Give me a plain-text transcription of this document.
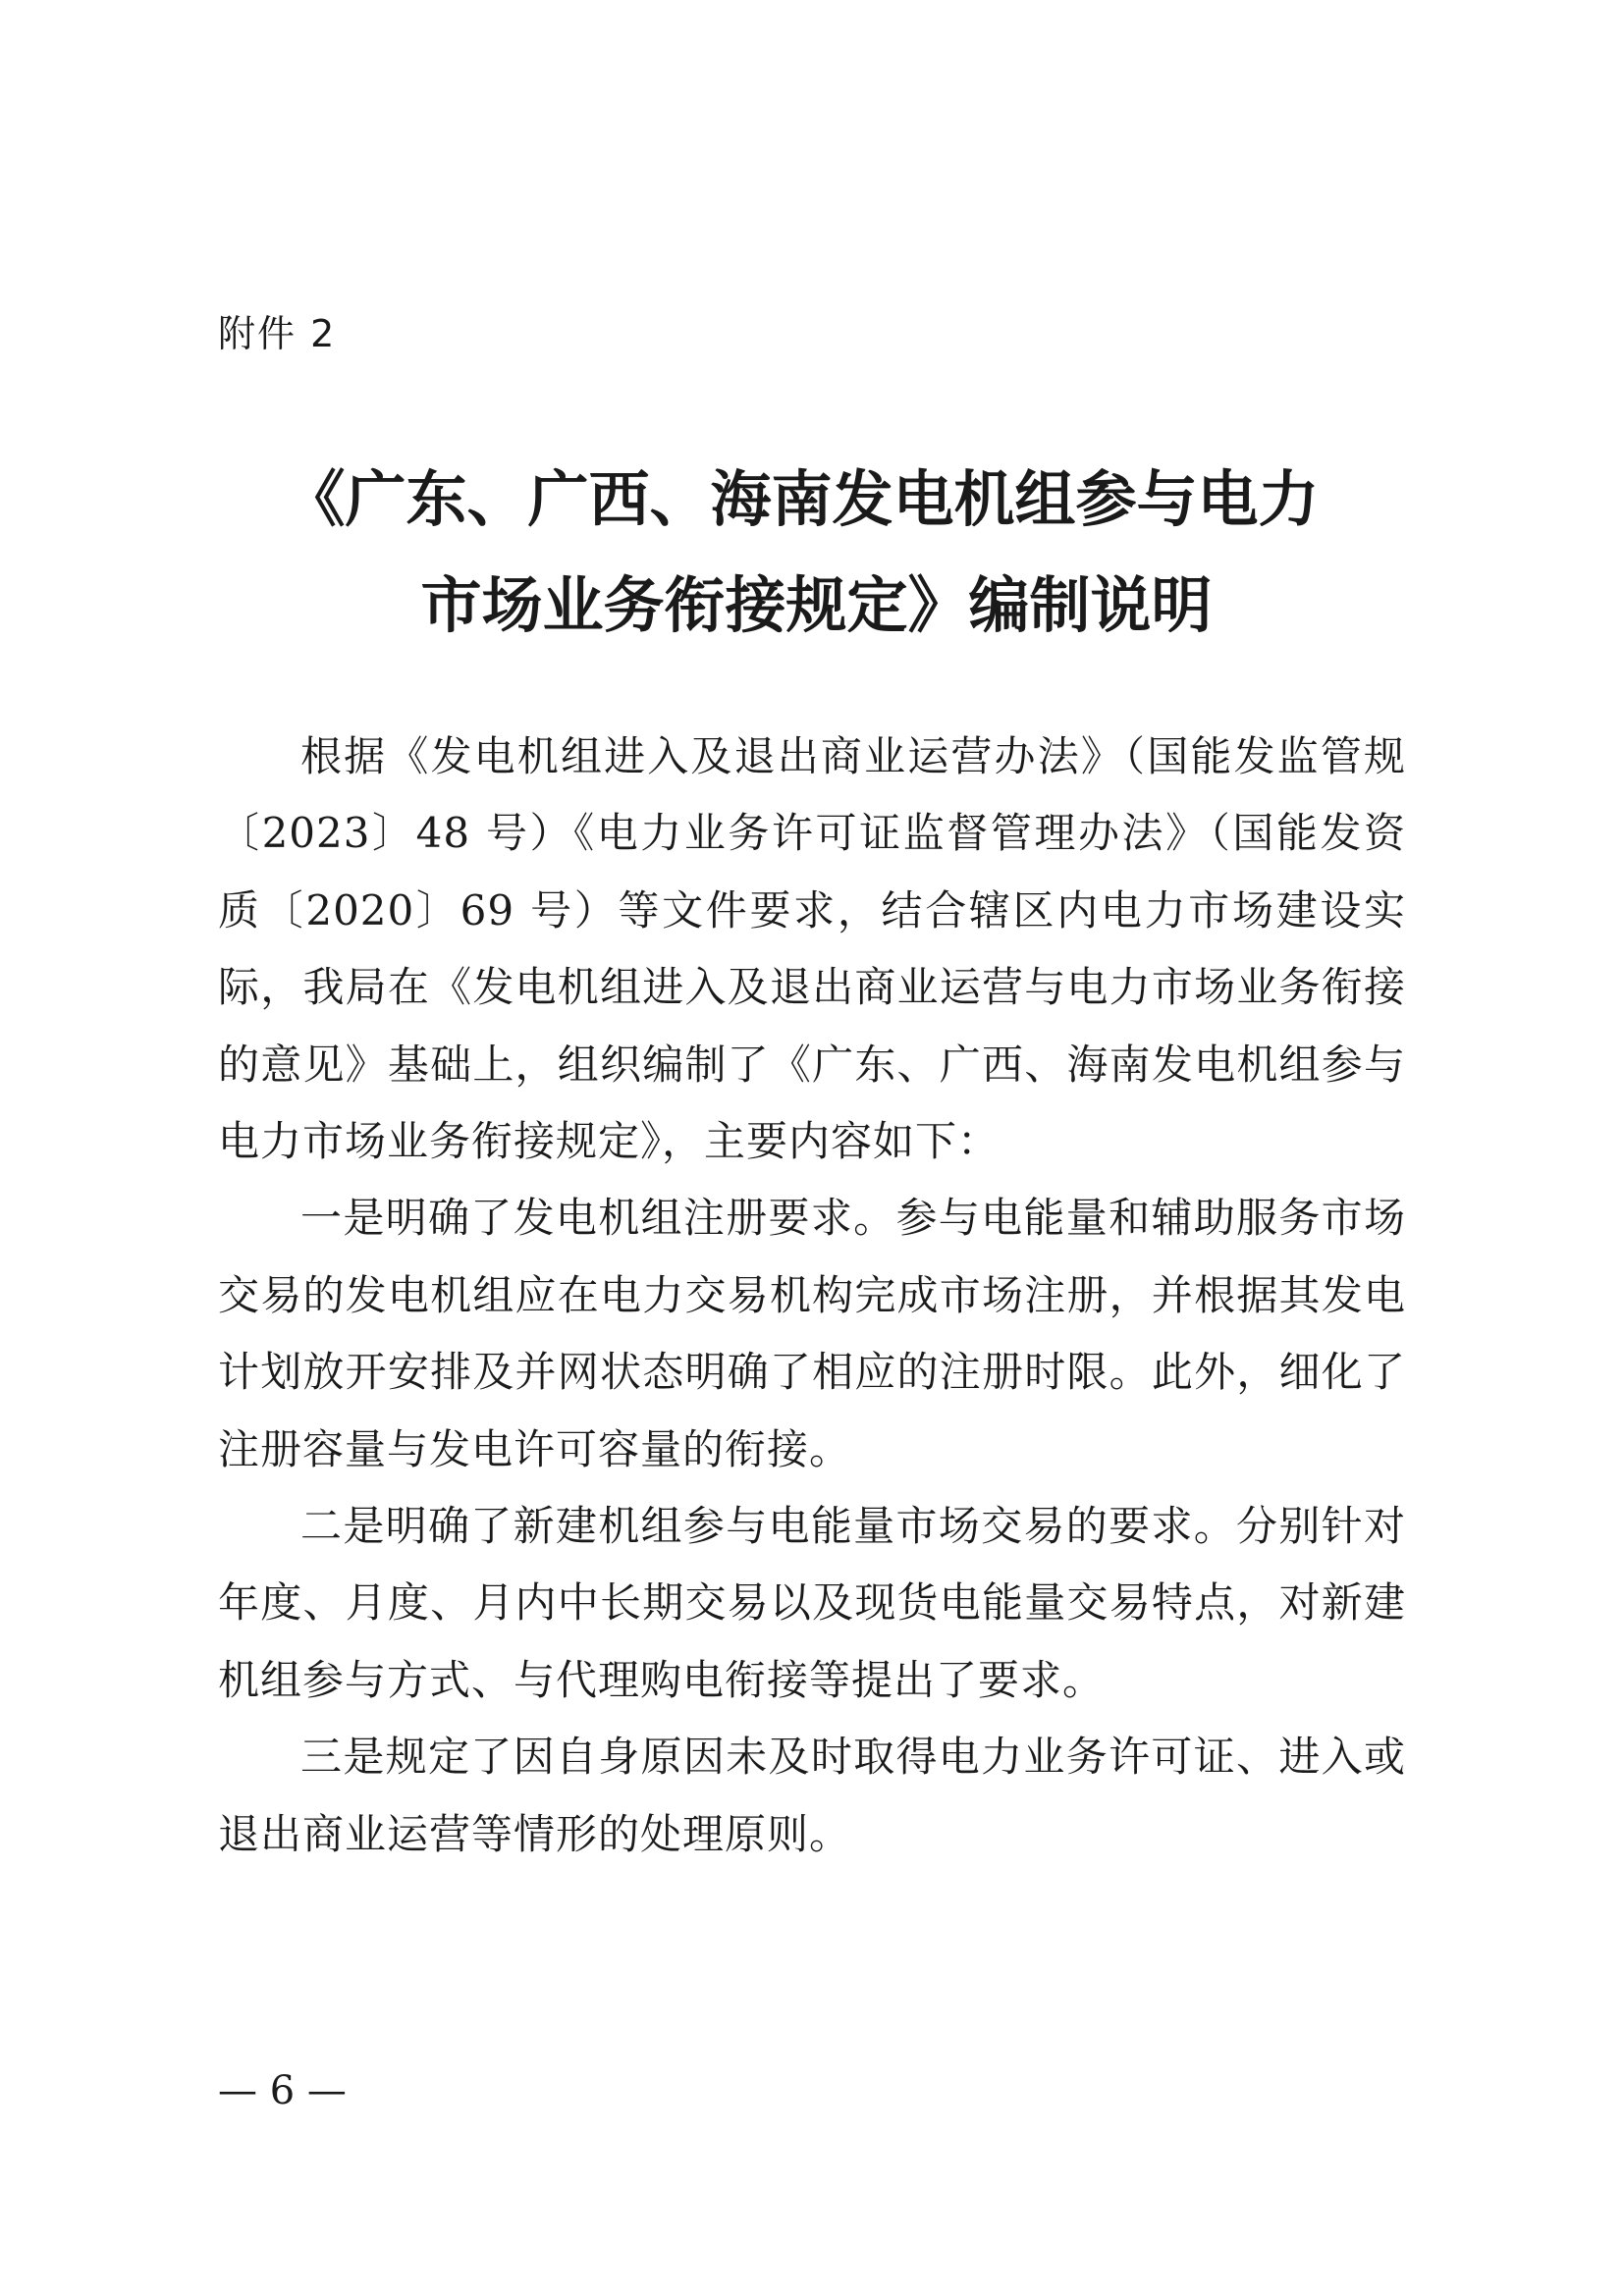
附件 2
《广东、广西、海南发电机组参与电力
市场业务衔接规定》编制说明

根据《发电机组进入及退出商业运营办法》（国能发监管规〔2023〕48 号）《电力业务许可证监督管理办法》（国能发资质〔2020〕69 号）等文件要求，结合辖区内电力市场建设实际，我局在《发电机组进入及退出商业运营与电力市场业务衔接的意见》基础上，组织编制了《广东、广西、海南发电机组参与电力市场业务衔接规定》，主要内容如下：

一是明确了发电机组注册要求。参与电能量和辅助服务市场交易的发电机组应在电力交易机构完成市场注册，并根据其发电计划放开安排及并网状态明确了相应的注册时限。此外，细化了注册容量与发电许可容量的衔接。

二是明确了新建机组参与电能量市场交易的要求。分别针对年度、月度、月内中长期交易以及现货电能量交易特点，对新建机组参与方式、与代理购电衔接等提出了要求。

三是规定了因自身原因未及时取得电力业务许可证、进入或退出商业运营等情形的处理原则。

— 6 —
